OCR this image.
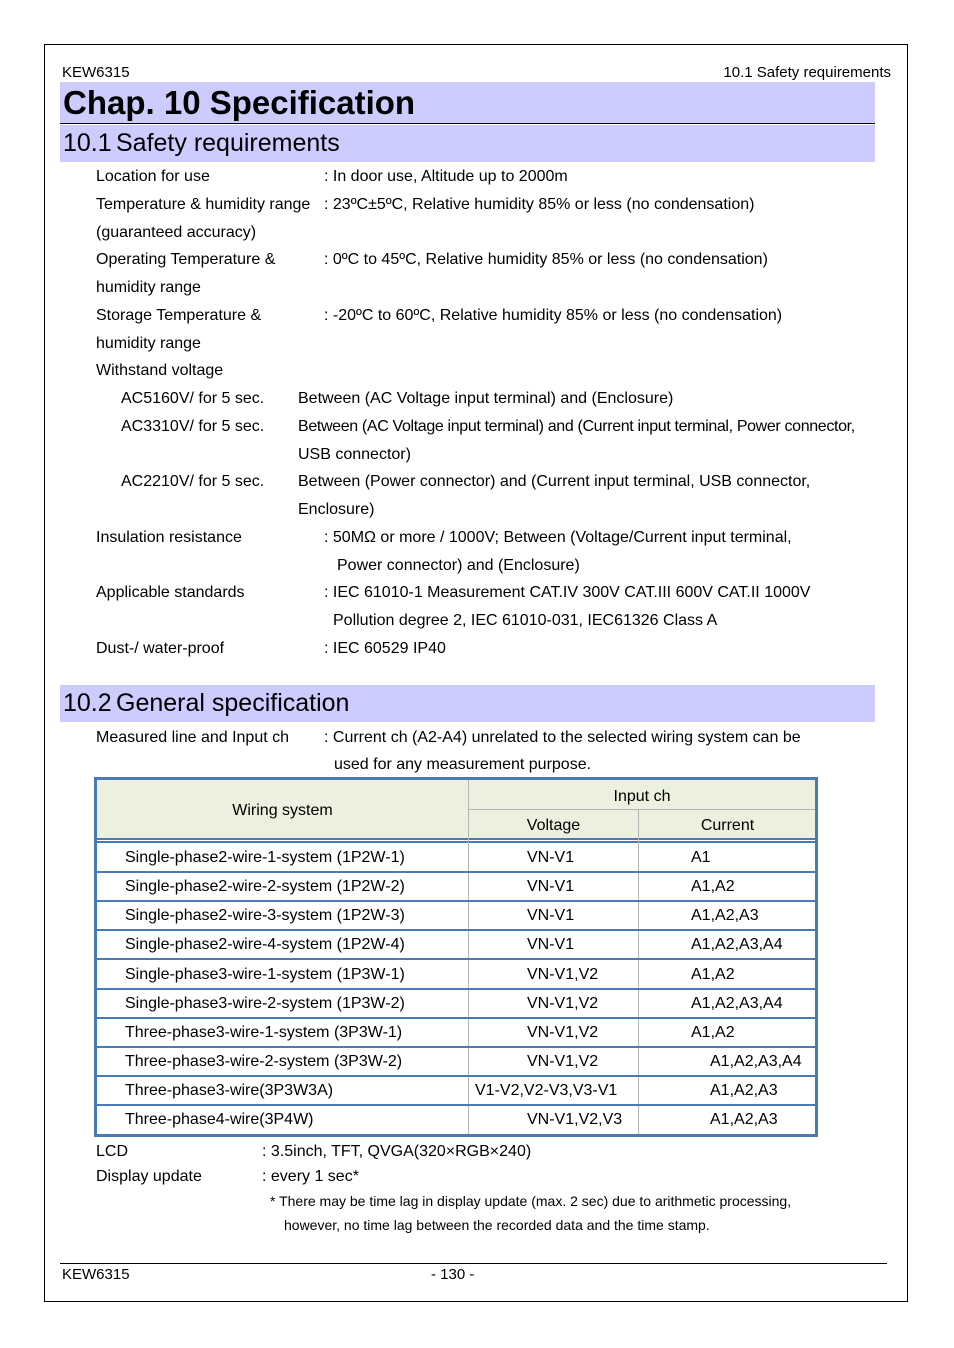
KEW6315	10.1 Safety requirements
Chap. 10 Specification
10.1 Safety requirements
Location for use	: In door use, Altitude up to 2000m
Temperature & humidity range : 23ºC±5ºC, Relative humidity 85% or less (no condensation)
(guaranteed accuracy)
Operating Temperature &	: 0ºC to 45ºC, Relative humidity 85% or less (no condensation)
humidity range
Storage Temperature &	: -20ºC to 60ºC, Relative humidity 85% or less (no condensation)
humidity range
Withstand voltage
AC5160V/ for 5 sec. Between (AC Voltage input terminal) and (Enclosure)
AC3310V/ for 5 sec. Between (AC Voltage input terminal) and (Current input terminal, Power connector,
USB connector)
AC2210V/ for 5 sec. Between (Power connector) and (Current input terminal, USB connector,
Enclosure)
Insulation resistance	: 50MΩ or more / 1000V; Between (Voltage/Current input terminal,
Power connector) and (Enclosure)
Applicable standards	: IEC 61010-1 Measurement CAT.IV 300V CAT.III 600V CAT.II 1000V
Pollution degree 2, IEC 61010-031, IEC61326 Class A
Dust-/ water-proof	: IEC 60529 IP40
10.2 General specification
Measured line and Input ch : Current ch (A2-A4) unrelated to the selected wiring system can be
used for any measurement purpose.
Wiring system
Input ch
Voltage	Current
Single-phase2-wire-1-system (1P2W-1)	VN-V1	A1
Single-phase2-wire-2-system (1P2W-2)	VN-V1	A1,A2
Single-phase2-wire-3-system (1P2W-3)	VN-V1	A1,A2,A3
Single-phase2-wire-4-system (1P2W-4)	VN-V1	A1,A2,A3,A4
Single-phase3-wire-1-system (1P3W-1)	VN-V1,V2	A1,A2
Single-phase3-wire-2-system (1P3W-2)	VN-V1,V2	A1,A2,A3,A4
Three-phase3-wire-1-system (3P3W-1)	VN-V1,V2	A1,A2
Three-phase3-wire-2-system (3P3W-2)	VN-V1,V2	A1,A2,A3,A4
Three-phase3-wire(3P3W3A)	V1-V2,V2-V3,V3-V1	A1,A2,A3
Three-phase4-wire(3P4W)	VN-V1,V2,V3	A1,A2,A3
LCD	: 3.5inch, TFT, QVGA(320×RGB×240)
Display update	: every 1 sec*
* There may be time lag in display update (max. 2 sec) due to arithmetic processing,
however, no time lag between the recorded data and the time stamp.
KEW6315	- 130 -
